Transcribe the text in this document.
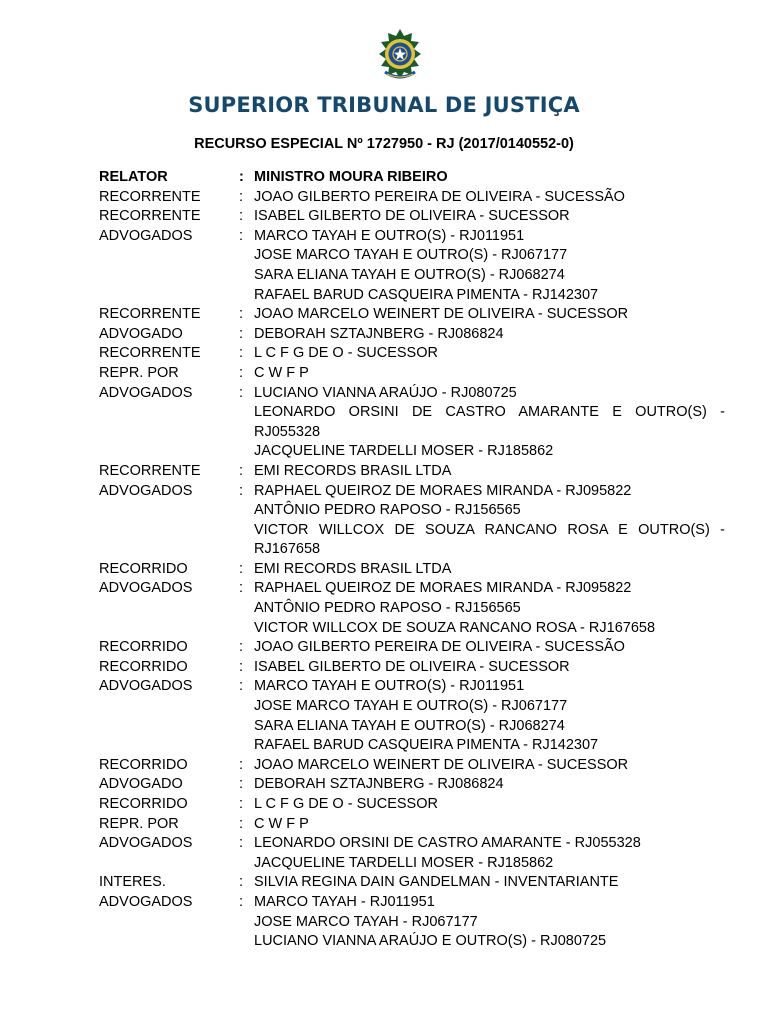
SUPERIOR TRIBUNAL DE JUSTIÇA
RECURSO ESPECIAL Nº 1727950 - RJ (2017/0140552-0)
RELATOR	: MINISTRO MOURA RIBEIRO
RECORRENTE	: JOAO GILBERTO PEREIRA DE OLIVEIRA - SUCESSÃO
RECORRENTE	: ISABEL GILBERTO DE OLIVEIRA - SUCESSOR
ADVOGADOS	: MARCO TAYAH E OUTRO(S) - RJ011951
JOSE MARCO TAYAH E OUTRO(S) - RJ067177
SARA ELIANA TAYAH E OUTRO(S) - RJ068274
RAFAEL BARUD CASQUEIRA PIMENTA - RJ142307
RECORRENTE	: JOAO MARCELO WEINERT DE OLIVEIRA - SUCESSOR
ADVOGADO	: DEBORAH SZTAJNBERG - RJ086824
RECORRENTE	: L C F G DE O - SUCESSOR
REPR. POR	: C W F P
ADVOGADOS	: LUCIANO VIANNA ARAÚJO - RJ080725
LEONARDO ORSINI DE CASTRO AMARANTE E OUTRO(S) - RJ055328
JACQUELINE TARDELLI MOSER - RJ185862
RECORRENTE	: EMI RECORDS BRASIL LTDA
ADVOGADOS	: RAPHAEL QUEIROZ DE MORAES MIRANDA - RJ095822
ANTÔNIO PEDRO RAPOSO - RJ156565
VICTOR WILLCOX DE SOUZA RANCANO ROSA E OUTRO(S) - RJ167658
RECORRIDO	: EMI RECORDS BRASIL LTDA
ADVOGADOS	: RAPHAEL QUEIROZ DE MORAES MIRANDA - RJ095822
ANTÔNIO PEDRO RAPOSO - RJ156565
VICTOR WILLCOX DE SOUZA RANCANO ROSA - RJ167658
RECORRIDO	: JOAO GILBERTO PEREIRA DE OLIVEIRA - SUCESSÃO
RECORRIDO	: ISABEL GILBERTO DE OLIVEIRA - SUCESSOR
ADVOGADOS	: MARCO TAYAH E OUTRO(S) - RJ011951
JOSE MARCO TAYAH E OUTRO(S) - RJ067177
SARA ELIANA TAYAH E OUTRO(S) - RJ068274
RAFAEL BARUD CASQUEIRA PIMENTA - RJ142307
RECORRIDO	: JOAO MARCELO WEINERT DE OLIVEIRA - SUCESSOR
ADVOGADO	: DEBORAH SZTAJNBERG - RJ086824
RECORRIDO	: L C F G DE O - SUCESSOR
REPR. POR	: C W F P
ADVOGADOS	: LEONARDO ORSINI DE CASTRO AMARANTE - RJ055328
JACQUELINE TARDELLI MOSER - RJ185862
INTERES.	: SILVIA REGINA DAIN GANDELMAN - INVENTARIANTE
ADVOGADOS	: MARCO TAYAH - RJ011951
JOSE MARCO TAYAH - RJ067177
LUCIANO VIANNA ARAÚJO E OUTRO(S) - RJ080725
